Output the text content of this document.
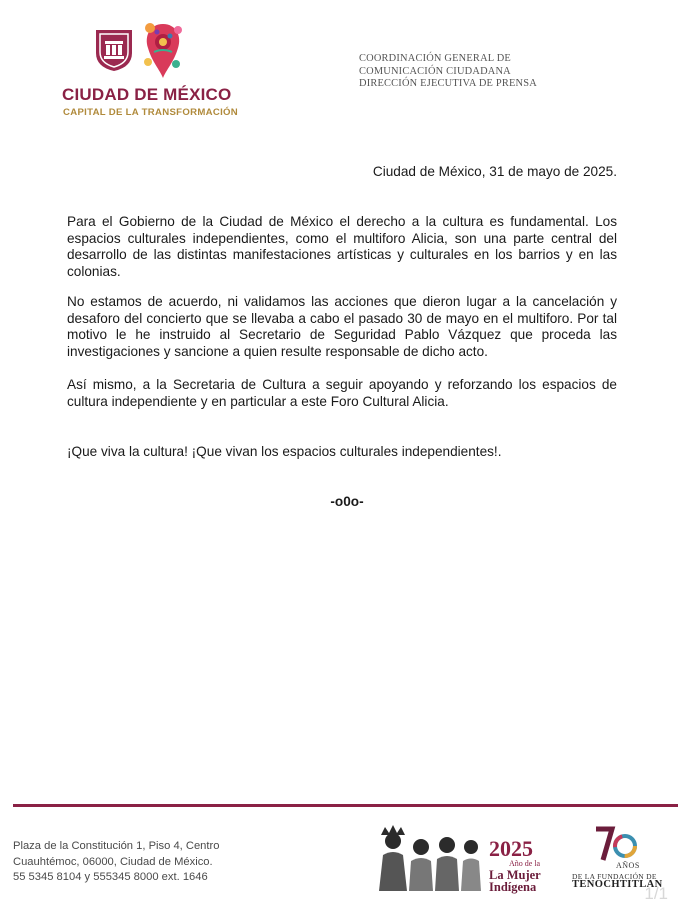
CIUDAD DE MÉXICO
CAPITAL DE LA TRANSFORMACIÓN
COORDINACIÓN GENERAL DE
COMUNICACIÓN CIUDADANA
DIRECCIÓN EJECUTIVA DE PRENSA
Ciudad de México, 31 de mayo de 2025.
Para el Gobierno de la Ciudad de México el derecho a la cultura es fundamental. Los espacios culturales independientes, como el multiforo Alicia, son una parte central del desarrollo de las distintas manifestaciones artísticas y culturales en los barrios y en las colonias.
No estamos de acuerdo, ni validamos las acciones que dieron lugar a la cancelación y desaforo del concierto que se llevaba a cabo el pasado 30 de mayo en el multiforo. Por tal motivo le he instruido al Secretario de Seguridad Pablo Vázquez que proceda las investigaciones y sancione a quien resulte responsable de dicho acto.
Así mismo, a la Secretaria de Cultura a seguir apoyando y reforzando los espacios de cultura independiente y en particular a este Foro Cultural Alicia.
¡Que viva la cultura! ¡Que vivan los espacios culturales independientes!.
-o0o-
Plaza de la Constitución 1, Piso 4, Centro
Cuauhtémoc, 06000, Ciudad de México.
55 5345 8104 y 555345 8000 ext. 1646
2025
Año de la
La Mujer
Indígena
AÑOS
DE LA FUNDACIÓN DE
TENOCHTITLAN
1/1
